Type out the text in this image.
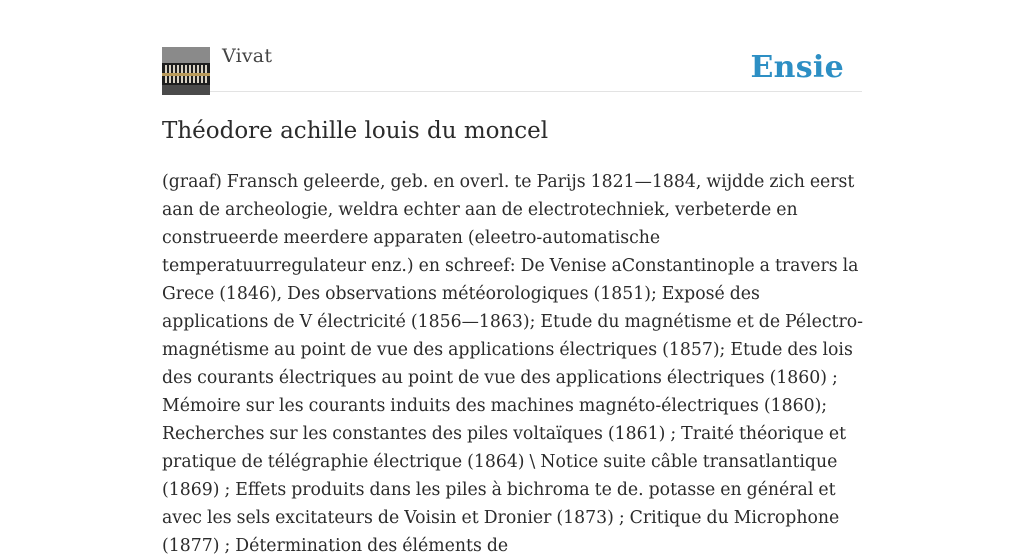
Vivat	Ensie
Théodore achille louis du moncel

(graaf) Fransch geleerde, geb. en overl. te Parijs 1821—1884, wijdde zich eerst aan de archeologie, weldra echter aan de electrotechniek, verbeterde en construeerde meerdere apparaten (eleetro-automatische temperatuurregulateur enz.) en schreef: De Venise aConstantinople a travers la Grece (1846), Des observations météorologiques (1851); Exposé des applications de V électricité (1856—1863); Etude du magnétisme et de Pélectro-magnétisme au point de vue des applications électriques (1857); Etude des lois des courants électriques au point de vue des applications électriques (1860) ; Mémoire sur les courants induits des machines magnéto-électriques (1860); Recherches sur les constantes des piles voltaïques (1861) ; Traité théorique et pratique de télégraphie électrique (1864) \ Notice suite câble transatlantique (1869) ; Effets produits dans les piles à bichroma te de. potasse en général et avec les sels excitateurs de Voisin et Dronier (1873) ; Critique du Microphone (1877) ; Détermination des éléments de
